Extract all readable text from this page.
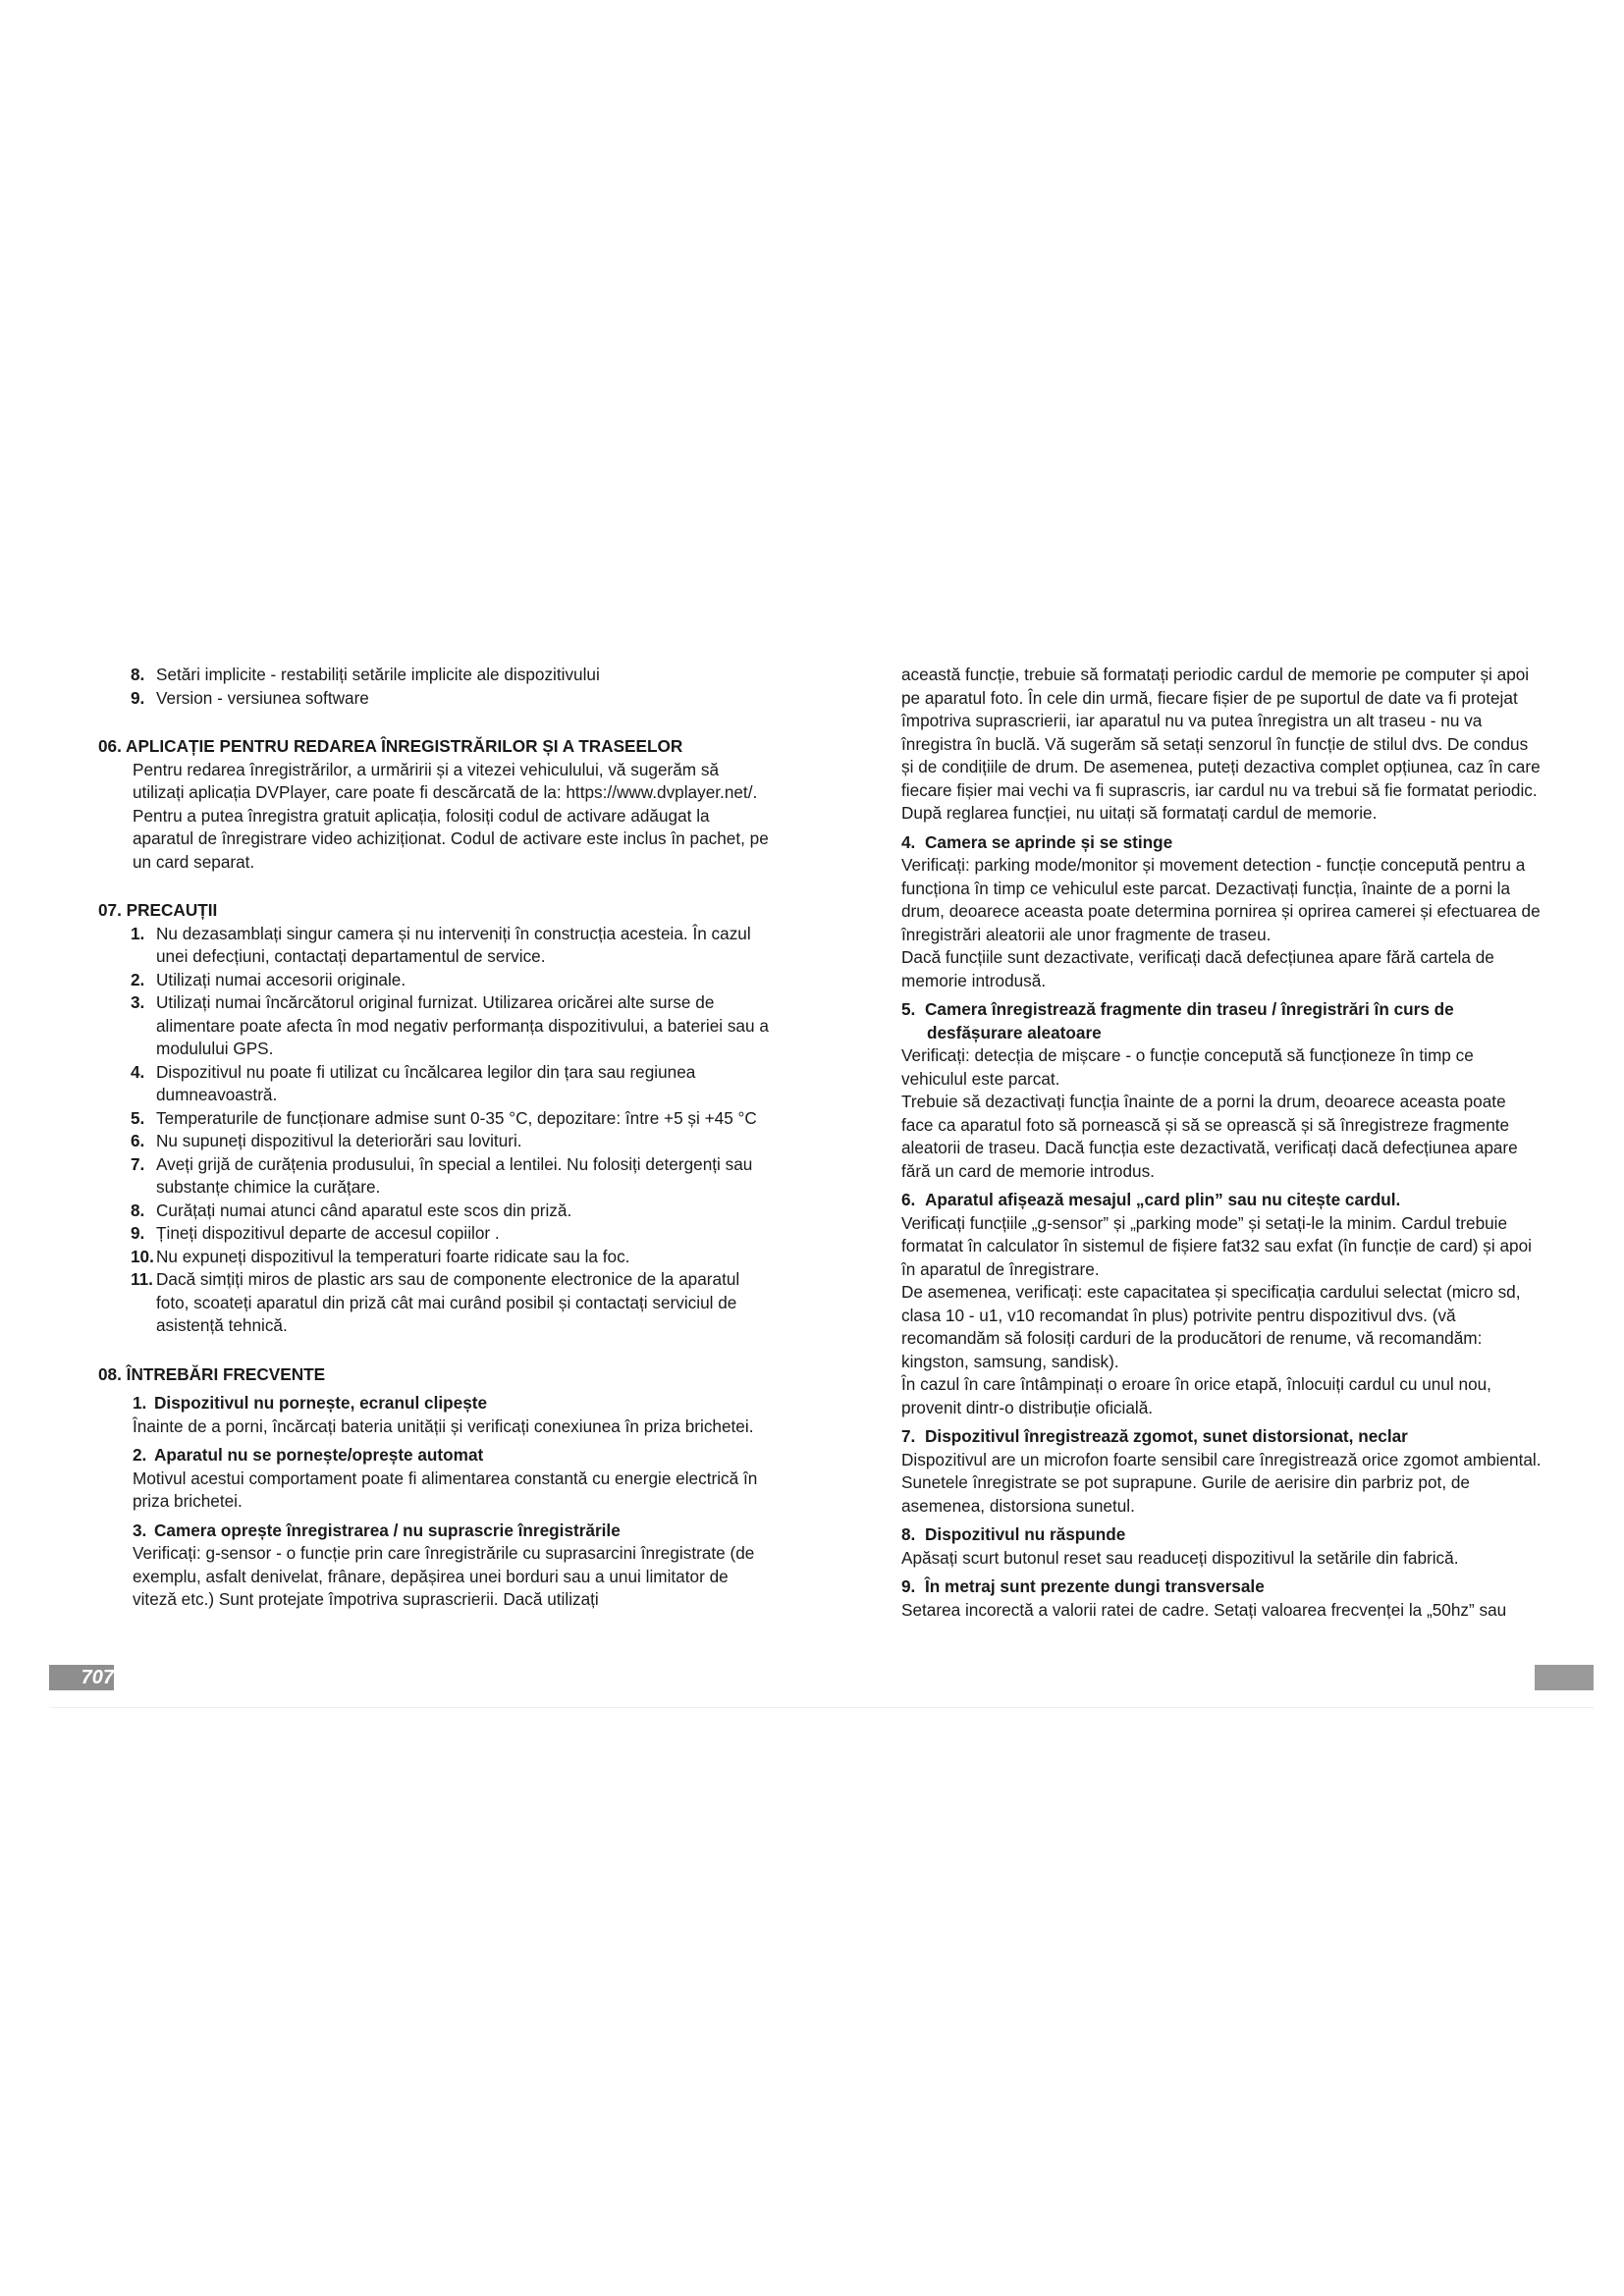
8. Setări implicite - restabiliți setările implicite ale dispozitivului
9. Version - versiunea software
06. APLICAȚIE PENTRU REDAREA ÎNREGISTRĂRILOR ȘI A TRASEELOR

Pentru redarea înregistrărilor, a urmăririi și a vitezei vehiculului, vă sugerăm să utilizați aplicația DVPlayer, care poate fi descărcată de la: https://www.dvplayer.net/. Pentru a putea înregistra gratuit aplicația, folosiți codul de activare adăugat la aparatul de înregistrare video achiziționat. Codul de activare este inclus în pachet, pe un card separat.

07. PRECAUȚII
1. Nu dezasamblați singur camera și nu interveniți în construcția acesteia. În cazul unei defecțiuni, contactați departamentul de service.
2. Utilizați numai accesorii originale.
3. Utilizați numai încărcătorul original furnizat. Utilizarea oricărei alte surse de alimentare poate afecta în mod negativ performanța dispozitivului, a bateriei sau a modulului GPS.
4. Dispozitivul nu poate fi utilizat cu încălcarea legilor din țara sau regiunea dumneavoastră.
5. Temperaturile de funcționare admise sunt 0-35 °C, depozitare: între +5 și +45 °C
6. Nu supuneți dispozitivul la deteriorări sau lovituri.
7. Aveți grijă de curățenia produsului, în special a lentilei. Nu folosiți detergenți sau substanțe chimice la curățare.
8. Curățați numai atunci când aparatul este scos din priză.
9. Țineți dispozitivul departe de accesul copiilor .
10. Nu expuneți dispozitivul la temperaturi foarte ridicate sau la foc.
11. Dacă simțiți miros de plastic ars sau de componente electronice de la aparatul foto, scoateți aparatul din priză cât mai curând posibil și contactați serviciul de asistență tehnică.
08. ÎNTREBĂRI FRECVENTE
1. Dispozitivul nu pornește, ecranul clipește
Înainte de a porni, încărcați bateria unității și verificați conexiunea în priza brichetei.
2. Aparatul nu se pornește/oprește automat
Motivul acestui comportament poate fi alimentarea constantă cu energie electrică în priza brichetei.
3. Camera oprește înregistrarea / nu suprascrie înregistrările
Verificați: g-sensor - o funcție prin care înregistrările cu suprasarcini înregistrate (de exemplu, asfalt denivelat, frânare, depășirea unei borduri sau a unui limitator de viteză etc.) Sunt protejate împotriva suprascrierii. Dacă utilizați

această funcție, trebuie să formatați periodic cardul de memorie pe computer și apoi pe aparatul foto. În cele din urmă, fiecare fișier de pe suportul de date va fi protejat împotriva suprascrierii, iar aparatul nu va putea înregistra un alt traseu - nu va înregistra în buclă. Vă sugerăm să setați senzorul în funcție de stilul dvs. De condus și de condițiile de drum. De asemenea, puteți dezactiva complet opțiunea, caz în care fiecare fișier mai vechi va fi suprascris, iar cardul nu va trebui să fie formatat periodic. După reglarea funcției, nu uitați să formatați cardul de memorie.

4. Camera se aprinde și se stinge
Verificați: parking mode/monitor și movement detection - funcție concepută pentru a funcționa în timp ce vehiculul este parcat. Dezactivați funcția, înainte de a porni la drum, deoarece aceasta poate determina pornirea și oprirea camerei și efectuarea de înregistrări aleatorii ale unor fragmente de traseu.
Dacă funcțiile sunt dezactivate, verificați dacă defecțiunea apare fără cartela de memorie introdusă.
5. Camera înregistrează fragmente din traseu / înregistrări în curs de
desfășurare aleatoare
Verificați: detecția de mișcare - o funcție concepută să funcționeze în timp ce vehiculul este parcat.
Trebuie să dezactivați funcția înainte de a porni la drum, deoarece aceasta poate face ca aparatul foto să pornească și să se oprească și să înregistreze fragmente aleatorii de traseu. Dacă funcția este dezactivată, verificați dacă defecțiunea apare fără un card de memorie introdus.
6. Aparatul afișează mesajul „card plin” sau nu citește cardul.
Verificați funcțiile „g-sensor” și „parking mode” și setați-le la minim. Cardul trebuie formatat în calculator în sistemul de fișiere fat32 sau exfat (în funcție de card) și apoi în aparatul de înregistrare.
De asemenea, verificați: este capacitatea și specificația cardului selectat (micro sd, clasa 10 - u1, v10 recomandat în plus) potrivite pentru dispozitivul dvs. (vă recomandăm să folosiți carduri de la producători de renume, vă recomandăm: kingston, samsung, sandisk).
În cazul în care întâmpinați o eroare în orice etapă, înlocuiți cardul cu unul nou, provenit dintr-o distribuție oficială.
7. Dispozitivul înregistrează zgomot, sunet distorsionat, neclar
Dispozitivul are un microfon foarte sensibil care înregistrează orice zgomot ambiental. Sunetele înregistrate se pot suprapune. Gurile de aerisire din parbriz pot, de asemenea, distorsiona sunetul.
8. Dispozitivul nu răspunde
Apăsați scurt butonul reset sau readuceți dispozitivul la setările din fabrică.
9. În metraj sunt prezente dungi transversale
Setarea incorectă a valorii ratei de cadre. Setați valoarea frecvenței la „50hz” sau
707
